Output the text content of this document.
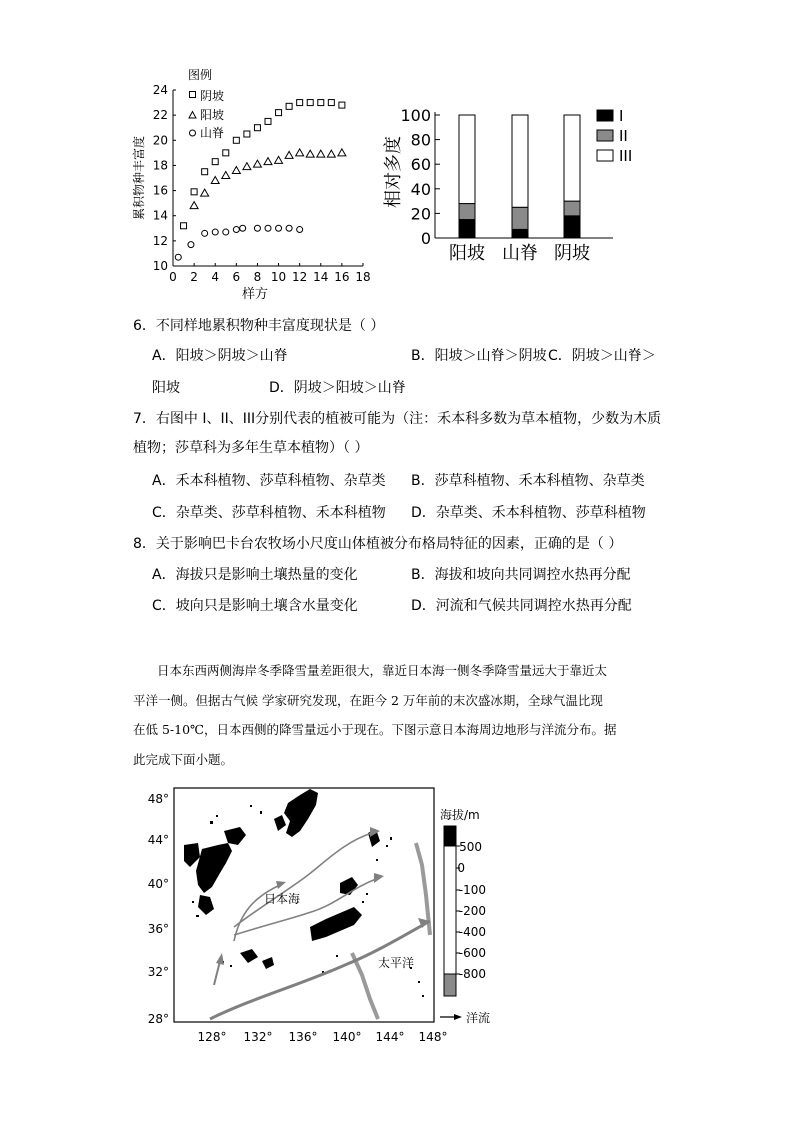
10
12
14
16
18
20
22
24
0 2 4 6 8 10 12 14 16 18
累积物种丰富度
样方
图例
阴坡
阳坡
山脊
0
20
40
60
80
100
阳坡 山脊 阴坡
相对多度
I
II
III
6．不同样地累积物种丰富度现状是（ ）
A．阳坡＞阴坡＞山脊	B．阳坡＞山脊＞阴坡 C．阴坡＞山脊＞
阳坡	D．阴坡＞阳坡＞山脊
7．右图中 I、II、III分别代表的植被可能为（注：禾本科多数为草本植物，少数为木质
植物；莎草科为多年生草本植物）（ ）
A．禾本科植物、莎草科植物、杂草类 B．莎草科植物、禾本科植物、杂草类
C．杂草类、莎草科植物、禾本科植物 D．杂草类、禾本科植物、莎草科植物
8．关于影响巴卡台农牧场小尺度山体植被分布格局特征的因素，正确的是（ ）
A．海拔只是影响土壤热量的变化	B．海拔和坡向共同调控水热再分配
C．坡向只是影响土壤含水量变化	D．河流和气候共同调控水热再分配
日本东西两侧海岸冬季降雪量差距很大，靠近日本海一侧冬季降雪量远大于靠近太
平洋一侧。但据古气候 学家研究发现，在距今 2 万年前的末次盛冰期，全球气温比现
在低 5-10℃，日本西侧的降雪量远小于现在。下图示意日本海周边地形与洋流分布。据
此完成下面小题。
日本海
太平洋
48°
44°
40°
36°
32°
28°
128° 132° 136° 140° 144° 148°
海拔/m
500
0
-100
-200
-400
-600
-800
洋流
